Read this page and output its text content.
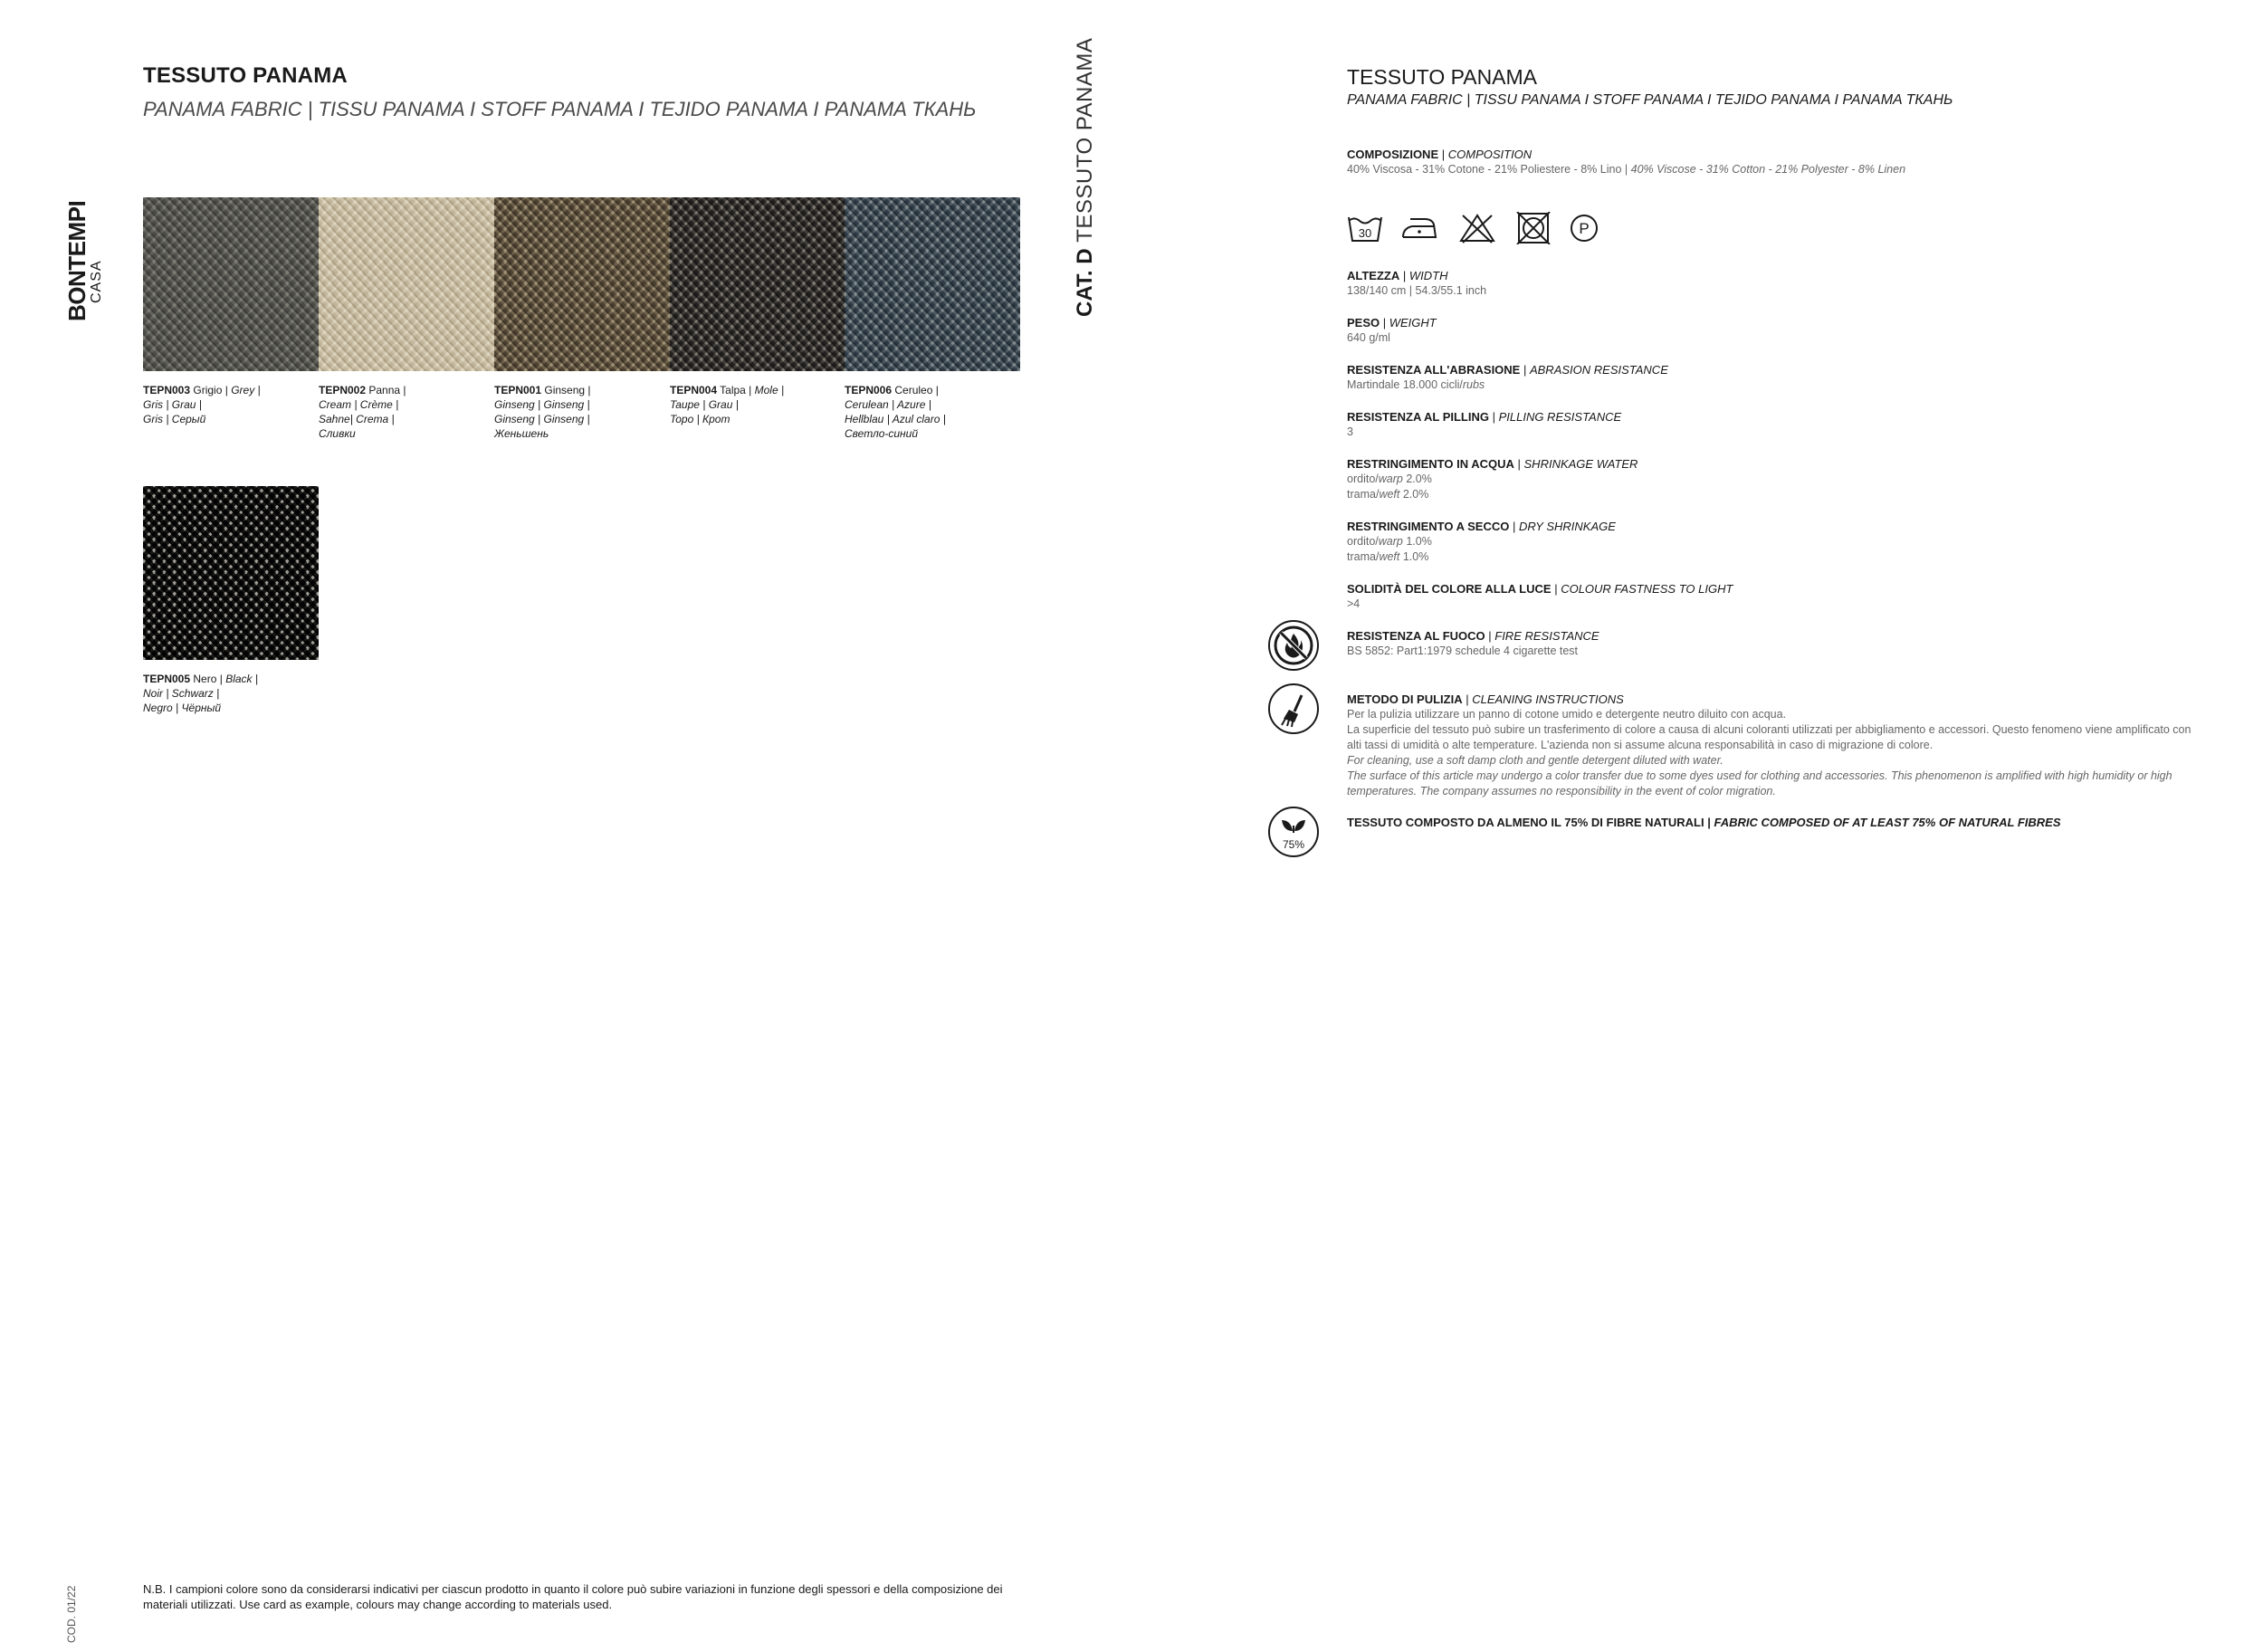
TESSUTO PANAMA
PANAMA FABRIC | TISSU PANAMA I STOFF PANAMA I TEJIDO PANAMA I PANAMA ТКАНЬ
BONTEMPI
CASA	CAT. D TESSUTO PANAMA
TEPN003 Grigio | Grey |
Gris | Grau |
Gris | Серый
TEPN002 Panna |
Cream | Crème |
Sahne| Crema |
Сливки
TEPN001 Ginseng |
Ginseng | Ginseng |
Ginseng | Ginseng |
Женьшень
TEPN004 Talpa | Mole |
Taupe | Grau |
Topo | Крот
TEPN006 Ceruleo |
Cerulean | Azure |
Hellblau | Azul claro |
Светло-синий
TEPN005 Nero | Black |
Noir | Schwarz |
Negro | Чёрный
COD. 01/22	N.B. I campioni colore sono da considerarsi indicativi per ciascun prodotto in quanto il colore può subire variazioni in funzione degli spessori e della composizione dei materiali utilizzati. Use card as example, colours may change according to materials used.
TESSUTO PANAMA
PANAMA FABRIC | TISSU PANAMA I STOFF PANAMA I TEJIDO PANAMA I PANAMA ТКАНЬ
COMPOSIZIONE | COMPOSITION
40% Viscosa - 31% Cotone - 21% Poliestere - 8% Lino | 40% Viscose - 31% Cotton - 21% Polyester - 8% Linen
30	P
ALTEZZA | WIDTH
138/140 cm | 54.3/55.1 inch
PESO | WEIGHT
640 g/ml
RESISTENZA ALL'ABRASIONE | ABRASION RESISTANCE
Martindale 18.000 cicli/rubs
RESISTENZA AL PILLING | PILLING RESISTANCE
3
RESTRINGIMENTO IN ACQUA | SHRINKAGE WATER
ordito/warp 2.0%
trama/weft 2.0%
RESTRINGIMENTO A SECCO | DRY SHRINKAGE
ordito/warp 1.0%
trama/weft 1.0%
SOLIDITÀ DEL COLORE ALLA LUCE | COLOUR FASTNESS TO LIGHT
>4
RESISTENZA AL FUOCO | FIRE RESISTANCE
BS 5852: Part1:1979 schedule 4 cigarette test
METODO DI PULIZIA | CLEANING INSTRUCTIONS
Per la pulizia utilizzare un panno di cotone umido e detergente neutro diluito con acqua.
La superficie del tessuto può subire un trasferimento di colore a causa di alcuni coloranti utilizzati per abbigliamento e accessori. Questo fenomeno viene amplificato con alti tassi di umidità o alte temperature. L'azienda non si assume alcuna responsabilità in caso di migrazione di colore.
For cleaning, use a soft damp cloth and gentle detergent diluted with water.
The surface of this article may undergo a color transfer due to some dyes used for clothing and accessories. This phenomenon is amplified with high humidity or high temperatures. The company assumes no responsibility in the event of color migration.
75%
TESSUTO COMPOSTO DA ALMENO IL 75% DI FIBRE NATURALI | FABRIC COMPOSED OF AT LEAST 75% OF NATURAL FIBRES
